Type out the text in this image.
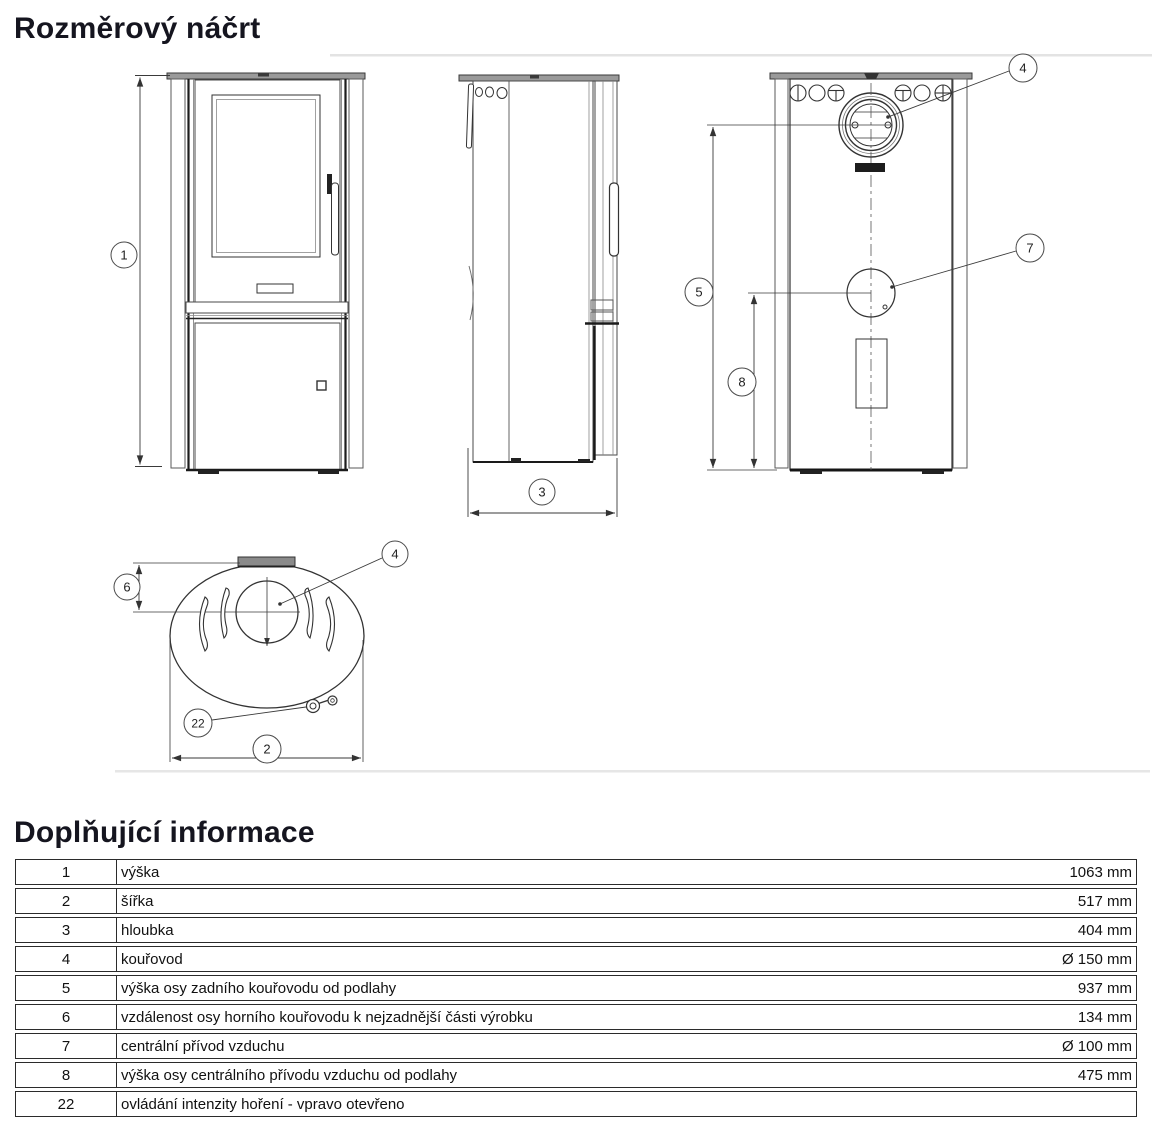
Rozměrový náčrt
1
3
5
8
4
7
6
2
22
4
Doplňující informace
1	výška	1063 mm
2	šířka	517 mm
3	hloubka	404 mm
4	kouřovod	Ø 150 mm
5	výška osy zadního kouřovodu od podlahy	937 mm
6	vzdálenost osy horního kouřovodu k nejzadnější části výrobku	134 mm
7	centrální přívod vzduchu	Ø 100 mm
8	výška osy centrálního přívodu vzduchu od podlahy	475 mm
22	ovládání intenzity hoření - vpravo otevřeno	
